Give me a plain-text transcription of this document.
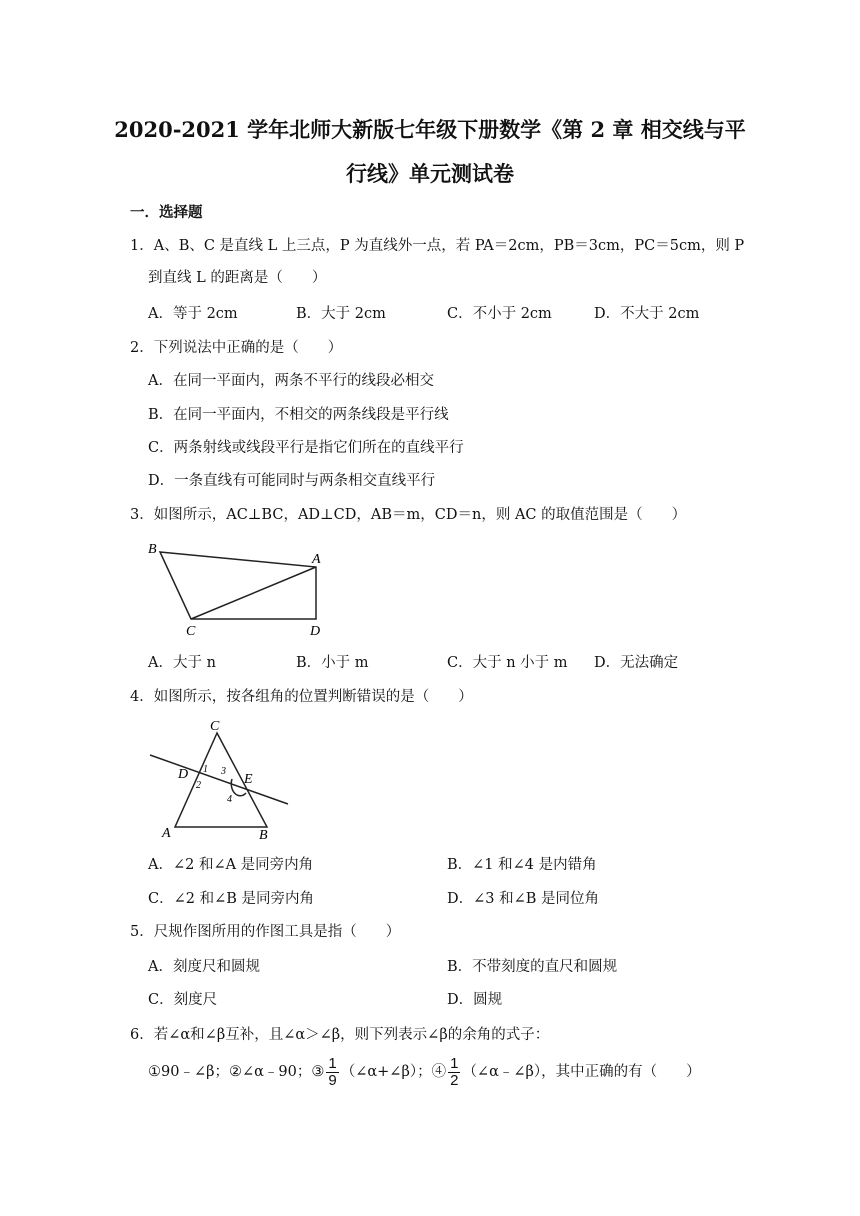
2020-2021 学年北师大新版七年级下册数学《第 2 章 相交线与平
行线》单元测试卷
一．选择题
1．A、B、C 是直线 L 上三点，P 为直线外一点，若 PA＝2cm，PB＝3cm，PC＝5cm，则 P
到直线 L 的距离是（　　）
A．等于 2cm	B．大于 2cm	C．不小于 2cm	D．不大于 2cm
2．下列说法中正确的是（　　）
A．在同一平面内，两条不平行的线段必相交
B．在同一平面内，不相交的两条线段是平行线
C．两条射线或线段平行是指它们所在的直线平行
D．一条直线有可能同时与两条相交直线平行
3．如图所示，AC⊥BC，AD⊥CD，AB＝m，CD＝n，则 AC 的取值范围是（　　）
B
A
C	D
A．大于 n	B．小于 m	C．大于 n 小于 m D．无法确定
4．如图所示，按各组角的位置判断错误的是（　　）
C
D	E
A	B
1
2
3
4
A．∠2 和∠A 是同旁内角	B．∠1 和∠4 是内错角
C．∠2 和∠B 是同旁内角	D．∠3 和∠B 是同位角
5．尺规作图所用的作图工具是指（　　）
A．刻度尺和圆规	B．不带刻度的直尺和圆规
C．刻度尺	D．圆规
6．若∠α和∠β互补，且∠α＞∠β，则下列表示∠β的余角的式子：
①90﹣∠β；②∠α﹣90；③ $\frac{1}{9}$ （∠α+∠β）；④ $\frac{1}{2}$ （∠α﹣∠β），其中正确的有（　　）
